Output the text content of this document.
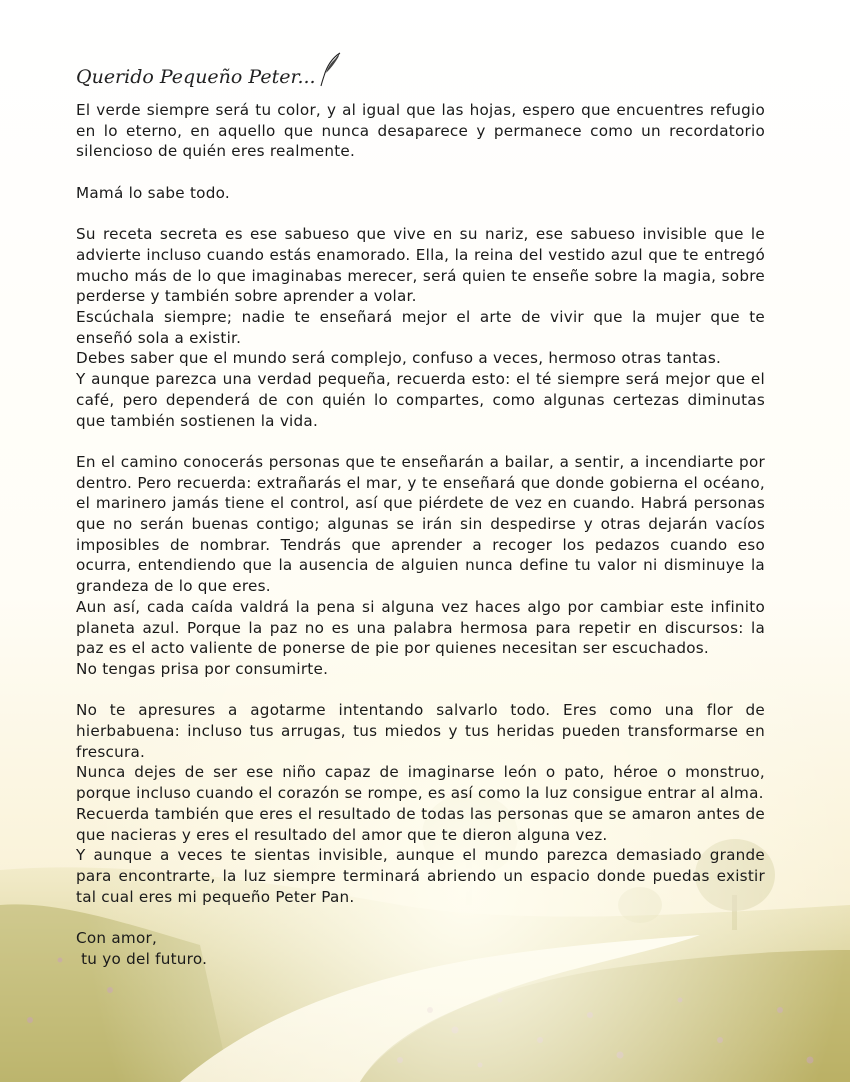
Querido Pequeño Peter...

El verde siempre será tu color, y al igual que las hojas, espero que encuentres refugio en lo eterno, en aquello que nunca desaparece y permanece como un recordatorio silencioso de quién eres realmente.

Mamá lo sabe todo.

Su receta secreta es ese sabueso que vive en su nariz, ese sabueso invisible que le advierte incluso cuando estás enamorado. Ella, la reina del vestido azul que te entregó mucho más de lo que imaginabas merecer, será quien te enseñe sobre la magia, sobre perderse y también sobre aprender a volar.

Escúchala siempre; nadie te enseñará mejor el arte de vivir que la mujer que te enseñó sola a existir.

Debes saber que el mundo será complejo, confuso a veces, hermoso otras tantas.

Y aunque parezca una verdad pequeña, recuerda esto: el té siempre será mejor que el café, pero dependerá de con quién lo compartes, como algunas certezas diminutas que también sostienen la vida.

En el camino conocerás personas que te enseñarán a bailar, a sentir, a incendiarte por dentro. Pero recuerda: extrañarás el mar, y te enseñará que donde gobierna el océano, el marinero jamás tiene el control, así que piérdete de vez en cuando. Habrá personas que no serán buenas contigo; algunas se irán sin despedirse y otras dejarán vacíos imposibles de nombrar. Tendrás que aprender a recoger los pedazos cuando eso ocurra, entendiendo que la ausencia de alguien nunca define tu valor ni disminuye la grandeza de lo que eres.

Aun así, cada caída valdrá la pena si alguna vez haces algo por cambiar este infinito planeta azul. Porque la paz no es una palabra hermosa para repetir en discursos: la paz es el acto valiente de ponerse de pie por quienes necesitan ser escuchados.

No tengas prisa por consumirte.

No te apresures a agotarme intentando salvarlo todo. Eres como una flor de hierbabuena: incluso tus arrugas, tus miedos y tus heridas pueden transformarse en frescura.

Nunca dejes de ser ese niño capaz de imaginarse león o pato, héroe o monstruo, porque incluso cuando el corazón se rompe, es así como la luz consigue entrar al alma.

Recuerda también que eres el resultado de todas las personas que se amaron antes de que nacieras y eres el resultado del amor que te dieron alguna vez.

Y aunque a veces te sientas invisible, aunque el mundo parezca demasiado grande para encontrarte, la luz siempre terminará abriendo un espacio donde puedas existir tal cual eres mi pequeño Peter Pan.

Con amor,

tu yo del futuro.
